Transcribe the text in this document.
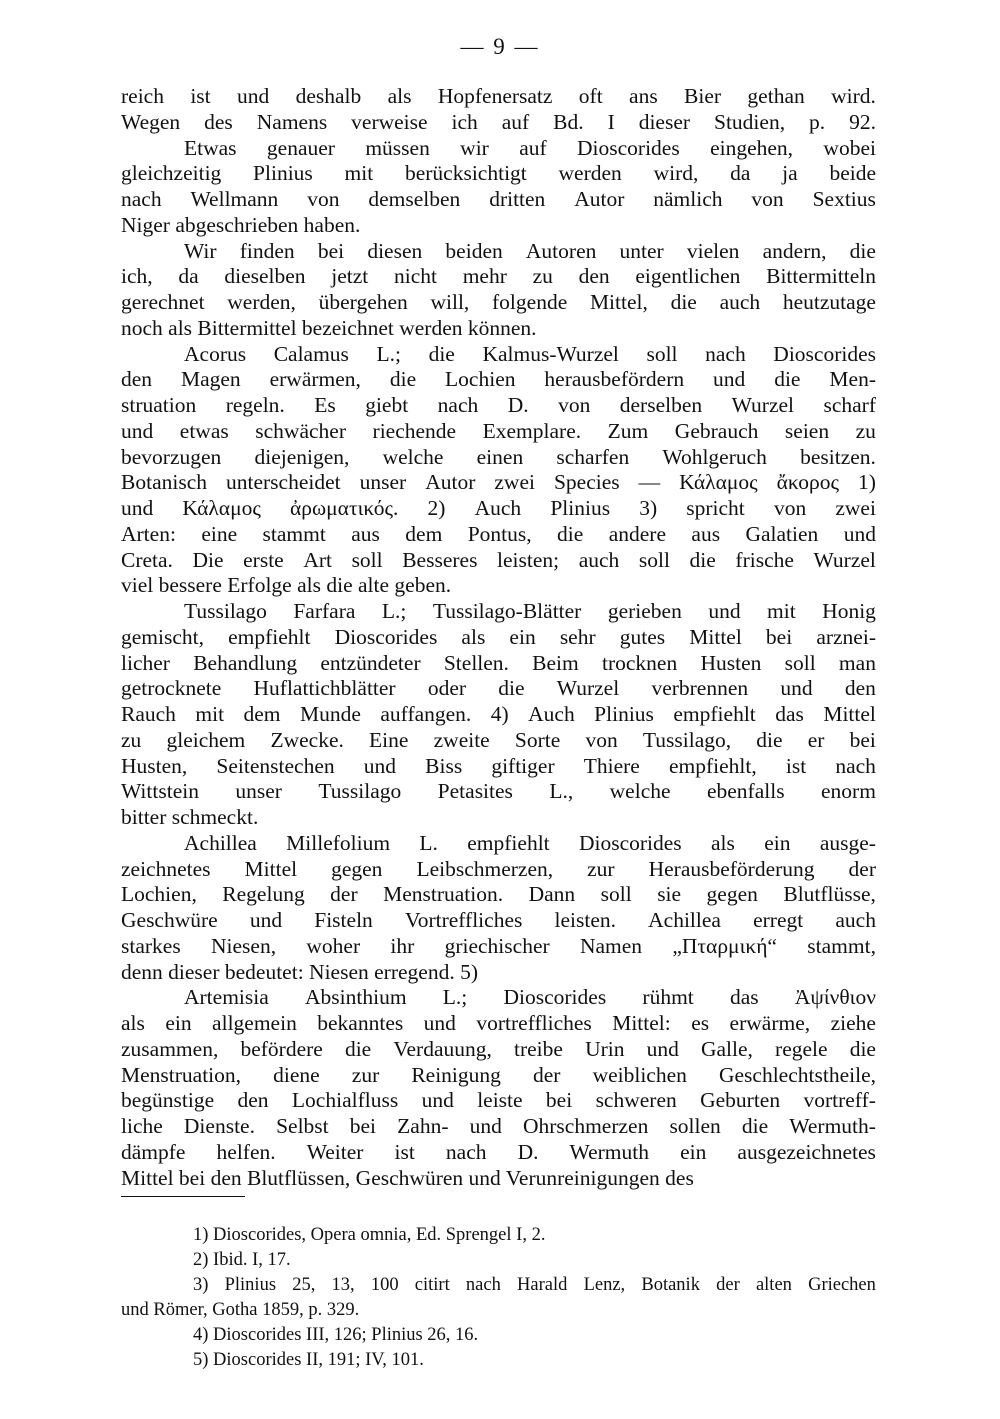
— 9 —
reich ist und deshalb als Hopfenersatz oft ans Bier gethan wird.
Wegen des Namens verweise ich auf Bd. I dieser Studien, p. 92.
Etwas genauer müssen wir auf Dioscorides eingehen, wobei
gleichzeitig Plinius mit berücksichtigt werden wird, da ja beide
nach Wellmann von demselben dritten Autor nämlich von Sextius
Niger abgeschrieben haben.
Wir finden bei diesen beiden Autoren unter vielen andern, die
ich, da dieselben jetzt nicht mehr zu den eigentlichen Bittermitteln
gerechnet werden, übergehen will, folgende Mittel, die auch heutzutage
noch als Bittermittel bezeichnet werden können.
Acorus Calamus L.; die Kalmus-Wurzel soll nach Dioscorides
den Magen erwärmen, die Lochien herausbefördern und die Men-
struation regeln. Es giebt nach D. von derselben Wurzel scharf
und etwas schwächer riechende Exemplare. Zum Gebrauch seien zu
bevorzugen diejenigen, welche einen scharfen Wohlgeruch besitzen.
Botanisch unterscheidet unser Autor zwei Species — Κάλαμος ἄκορος 1)
und Κάλαμος ἀρωματικός. 2) Auch Plinius 3) spricht von zwei
Arten: eine stammt aus dem Pontus, die andere aus Galatien und
Creta. Die erste Art soll Besseres leisten; auch soll die frische Wurzel
viel bessere Erfolge als die alte geben.
Tussilago Farfara L.; Tussilago-Blätter gerieben und mit Honig
gemischt, empfiehlt Dioscorides als ein sehr gutes Mittel bei arznei-
licher Behandlung entzündeter Stellen. Beim trocknen Husten soll man
getrocknete Huflattichblätter oder die Wurzel verbrennen und den
Rauch mit dem Munde auffangen. 4) Auch Plinius empfiehlt das Mittel
zu gleichem Zwecke. Eine zweite Sorte von Tussilago, die er bei
Husten, Seitenstechen und Biss giftiger Thiere empfiehlt, ist nach
Wittstein unser Tussilago Petasites L., welche ebenfalls enorm
bitter schmeckt.
Achillea Millefolium L. empfiehlt Dioscorides als ein ausge-
zeichnetes Mittel gegen Leibschmerzen, zur Herausbeförderung der
Lochien, Regelung der Menstruation. Dann soll sie gegen Blutflüsse,
Geschwüre und Fisteln Vortreffliches leisten. Achillea erregt auch
starkes Niesen, woher ihr griechischer Namen „Πταρμική“ stammt,
denn dieser bedeutet: Niesen erregend. 5)
Artemisia Absinthium L.; Dioscorides rühmt das Ἀψίνθιον
als ein allgemein bekanntes und vortreffliches Mittel: es erwärme, ziehe
zusammen, befördere die Verdauung, treibe Urin und Galle, regele die
Menstruation, diene zur Reinigung der weiblichen Geschlechtstheile,
begünstige den Lochialfluss und leiste bei schweren Geburten vortreff-
liche Dienste. Selbst bei Zahn- und Ohrschmerzen sollen die Wermuth-
dämpfe helfen. Weiter ist nach D. Wermuth ein ausgezeichnetes
Mittel bei den Blutflüssen, Geschwüren und Verunreinigungen des
1) Dioscorides, Opera omnia, Ed. Sprengel I, 2.
2) Ibid. I, 17.
3) Plinius 25, 13, 100 citirt nach Harald Lenz, Botanik der alten Griechen
und Römer, Gotha 1859, p. 329.
4) Dioscorides III, 126; Plinius 26, 16.
5) Dioscorides II, 191; IV, 101.
